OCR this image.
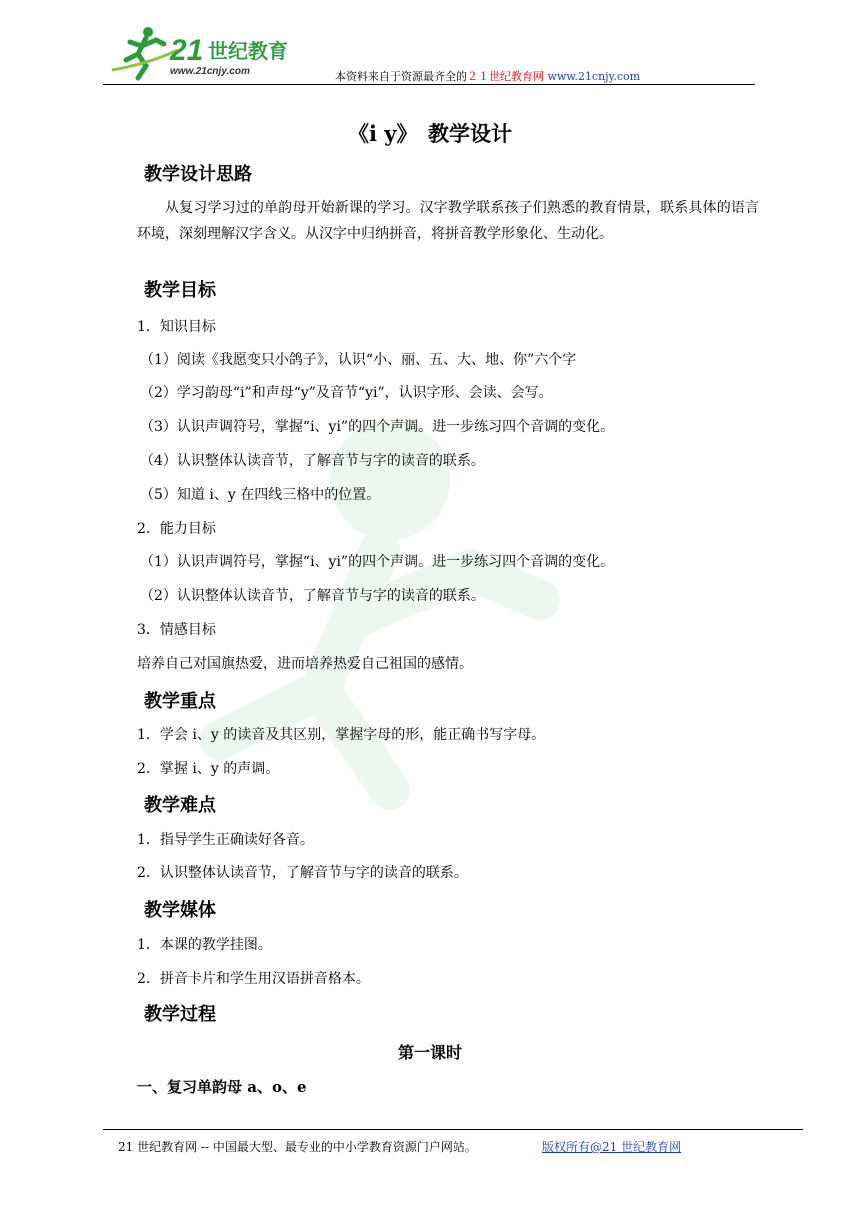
21 世纪教育
www.21cnjy.com	本资料来自于资源最齐全的２１世纪教育网 www.21cnjy.com
《i y》　教学设计
教学设计思路
从复习学习过的单韵母开始新课的学习。汉字教学联系孩子们熟悉的教育情景，联系具体的语言环境，深刻理解汉字含义。从汉字中归纳拼音，将拼音教学形象化、生动化。
教学目标
1．知识目标
（1）阅读《我愿变只小鸽子》，认识“小、丽、五、大、地、你”六个字
（2）学习韵母“i”和声母“y”及音节“yi”，认识字形、会读、会写。
（3）认识声调符号，掌握“i、yi”的四个声调。进一步练习四个音调的变化。
（4）认识整体认读音节，了解音节与字的读音的联系。
（5）知道 i、y 在四线三格中的位置。
2．能力目标
（1）认识声调符号，掌握“i、yi”的四个声调。进一步练习四个音调的变化。
（2）认识整体认读音节，了解音节与字的读音的联系。
3．情感目标
培养自己对国旗热爱，进而培养热爱自己祖国的感情。
教学重点
1．学会 i、y 的读音及其区别，掌握字母的形，能正确书写字母。
2．掌握 i、y 的声调。
教学难点
1．指导学生正确读好各音。
2．认识整体认读音节，了解音节与字的读音的联系。
教学媒体
1．本课的教学挂图。
2．拼音卡片和学生用汉语拼音格本。
教学过程
第一课时
一、复习单韵母 a、o、e
21 世纪教育网 -- 中国最大型、最专业的中小学教育资源门户网站。	版权所有@21 世纪教育网
